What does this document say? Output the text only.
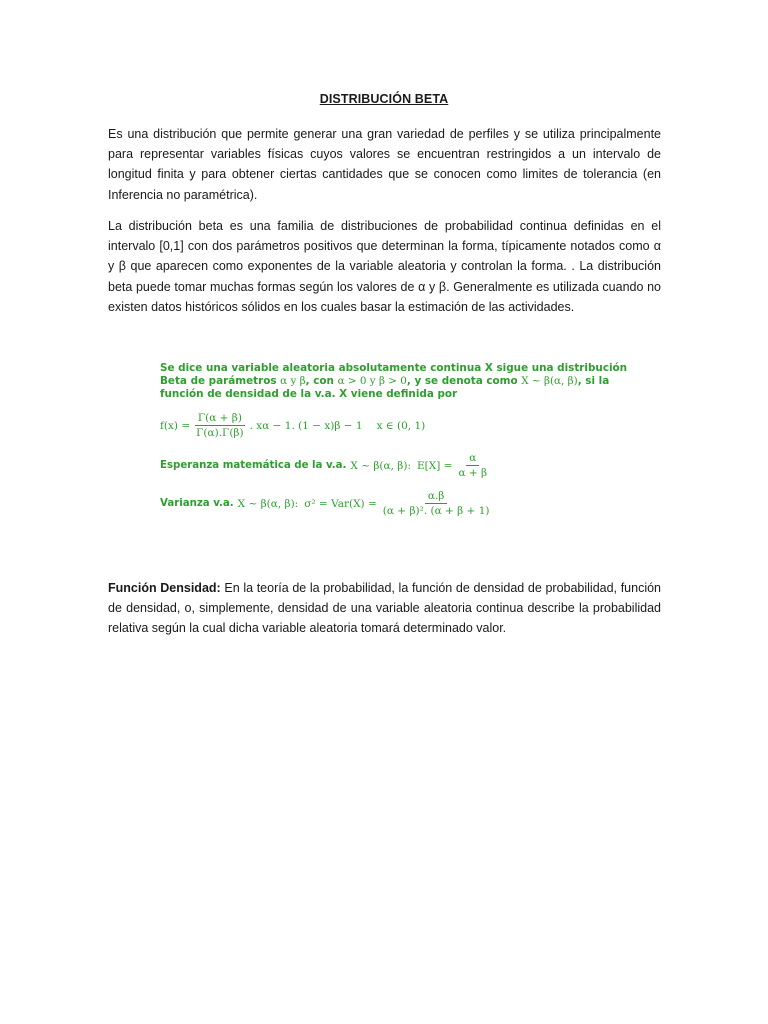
DISTRIBUCIÓN BETA

Es una distribución que permite generar una gran variedad de perfiles y se utiliza principalmente para representar variables físicas cuyos valores se encuentran restringidos a un intervalo de longitud finita y para obtener ciertas cantidades que se conocen como limites de tolerancia (en Inferencia no paramétrica).

La distribución beta es una familia de distribuciones de probabilidad continua definidas en el intervalo [0,1] con dos parámetros positivos que determinan la forma, típicamente notados como α y β que aparecen como exponentes de la variable aleatoria y controlan la forma. . La distribución beta puede tomar muchas formas según los valores de α y β. Generalmente es utilizada cuando no existen datos históricos sólidos en los cuales basar la estimación de las actividades.

Se dice una variable aleatoria absolutamente continua X sigue una distribución
Beta de parámetros α y β, con α > 0 y β > 0, y se denota como X ~ β(α, β), si la
función de densidad de la v.a. X viene definida por
$f(x) = \frac{\Gamma(\alpha + \beta)}{\Gamma(\alpha).\Gamma(\beta)}$ . xα − 1. (1 − x)β − 1 x ∈ (0, 1)
Esperanza matemática de la v.a. X ~ β(α, β): $E[X] = \frac{\alpha}{\alpha + \beta}$
Varianza v.a. X ~ β(α, β): $\sigma^2 = Var(X) = \frac{\alpha.\beta}{\text{(α + β)². (α + β + 1)}}$

Función Densidad: En la teoría de la probabilidad, la función de densidad de probabilidad, función de densidad, o, simplemente, densidad de una variable aleatoria continua describe la probabilidad relativa según la cual dicha variable aleatoria tomará determinado valor.
